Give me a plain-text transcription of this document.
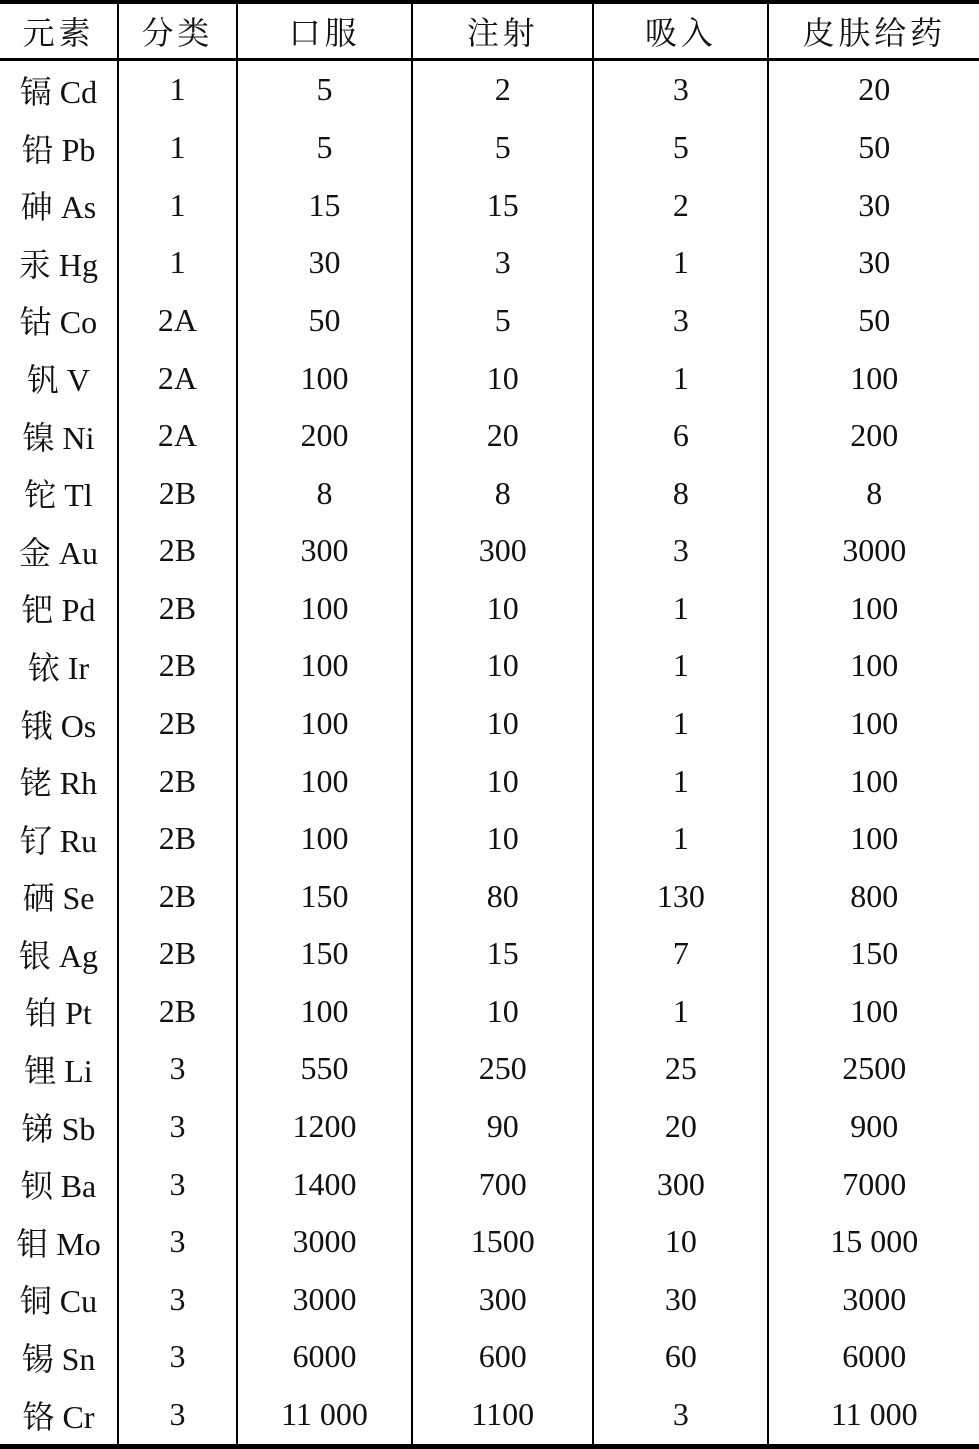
元素	分类	口服	注射	吸入	皮肤给药
镉 Cd	1	5	2	3	20
铅 Pb	1	5	5	5	50
砷 As	1	15	15	2	30
汞 Hg	1	30	3	1	30
钴 Co	2A	50	5	3	50
钒 V	2A	100	10	1	100
镍 Ni	2A	200	20	6	200
铊 Tl	2B	8	8	8	8
金 Au	2B	300	300	3	3000
钯 Pd	2B	100	10	1	100
铱 Ir	2B	100	10	1	100
锇 Os	2B	100	10	1	100
铑 Rh	2B	100	10	1	100
钌 Ru	2B	100	10	1	100
硒 Se	2B	150	80	130	800
银 Ag	2B	150	15	7	150
铂 Pt	2B	100	10	1	100
锂 Li	3	550	250	25	2500
锑 Sb	3	1200	90	20	900
钡 Ba	3	1400	700	300	7000
钼 Mo	3	3000	1500	10	15 000
铜 Cu	3	3000	300	30	3000
锡 Sn	3	6000	600	60	6000
铬 Cr	3	11 000	1100	3	11 000
